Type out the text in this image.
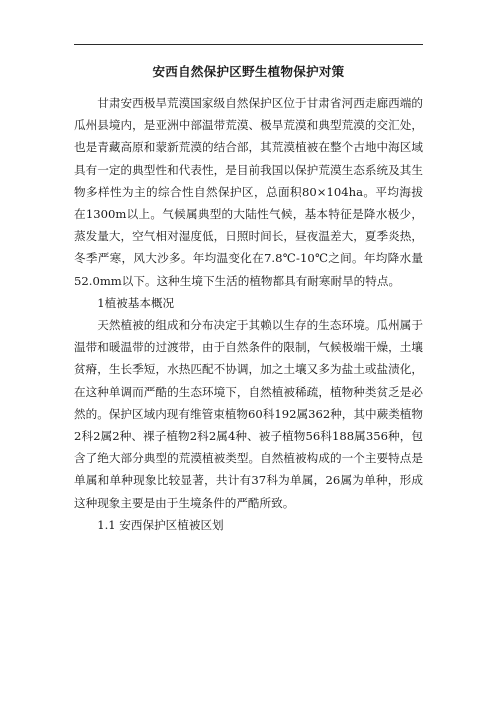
安西自然保护区野生植物保护对策

甘肃安西极旱荒漠国家级自然保护区位于甘肃省河西走廊西端的瓜州县境内，是亚洲中部温带荒漠、极旱荒漠和典型荒漠的交汇处，也是青藏高原和蒙新荒漠的结合部，其荒漠植被在整个古地中海区域具有一定的典型性和代表性，是目前我国以保护荒漠生态系统及其生物多样性为主的综合性自然保护区，总面积80×104ha。平均海拔在1300m以上。气候属典型的大陆性气候，基本特征是降水极少，蒸发量大，空气相对湿度低，日照时间长，昼夜温差大，夏季炎热，冬季严寒，风大沙多。年均温变化在7.8℃-10℃之间。年均降水量52.0mm以下。这种生境下生活的植物都具有耐寒耐旱的特点。

1植被基本概况

天然植被的组成和分布决定于其赖以生存的生态环境。瓜州属于温带和暖温带的过渡带，由于自然条件的限制，气候极端干燥，土壤贫瘠，生长季短，水热匹配不协调，加之土壤又多为盐土或盐渍化，在这种单调而严酷的生态环境下，自然植被稀疏，植物种类贫乏是必然的。保护区域内现有维管束植物60科192属362种，其中蕨类植物2科2属2种、裸子植物2科2属4种、被子植物56科188属356种，包含了绝大部分典型的荒漠植被类型。自然植被构成的一个主要特点是单属和单种现象比较显著，共计有37科为单属，26属为单种，形成这种现象主要是由于生境条件的严酷所致。

1.1 安西保护区植被区划
